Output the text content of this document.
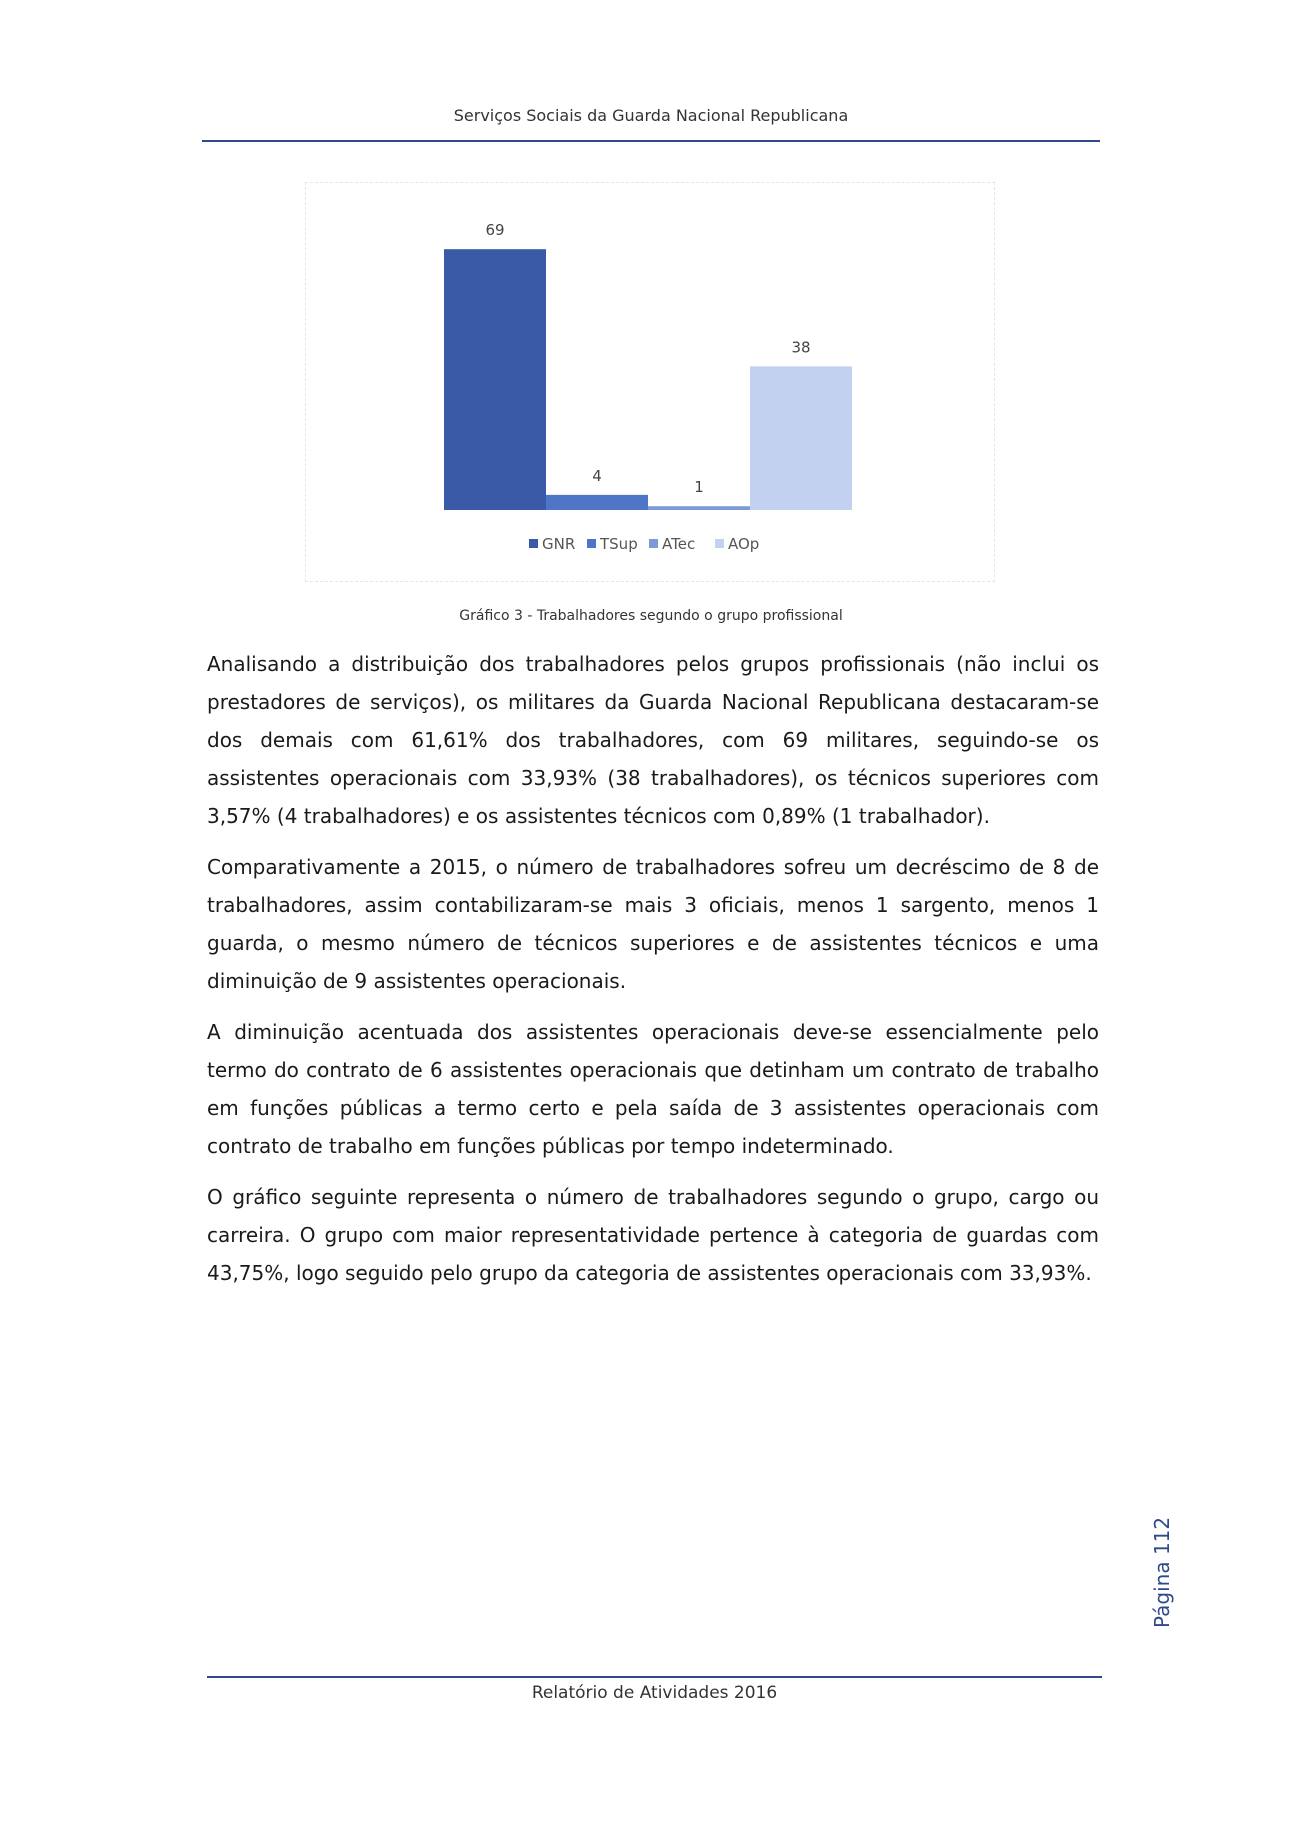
Serviços Sociais da Guarda Nacional Republicana
69
4
1
38
GNR TSup ATec AOp
Gráfico 3 - Trabalhadores segundo o grupo profissional

Analisando a distribuição dos trabalhadores pelos grupos profissionais (não inclui os prestadores de serviços), os militares da Guarda Nacional Republicana destacaram-se dos demais com 61,61% dos trabalhadores, com 69 militares, seguindo-se os assistentes operacionais com 33,93% (38 trabalhadores), os técnicos superiores com 3,57% (4 trabalhadores) e os assistentes técnicos com 0,89% (1 trabalhador).

Comparativamente a 2015, o número de trabalhadores sofreu um decréscimo de 8 de trabalhadores, assim contabilizaram-se mais 3 oficiais, menos 1 sargento, menos 1 guarda, o mesmo número de técnicos superiores e de assistentes técnicos e uma diminuição de 9 assistentes operacionais.

A diminuição acentuada dos assistentes operacionais deve-se essencialmente pelo termo do contrato de 6 assistentes operacionais que detinham um contrato de trabalho em funções públicas a termo certo e pela saída de 3 assistentes operacionais com contrato de trabalho em funções públicas por tempo indeterminado.

O gráfico seguinte representa o número de trabalhadores segundo o grupo, cargo ou carreira. O grupo com maior representatividade pertence à categoria de guardas com 43,75%, logo seguido pelo grupo da categoria de assistentes operacionais com 33,93%.

Página 112
Relatório de Atividades 2016
